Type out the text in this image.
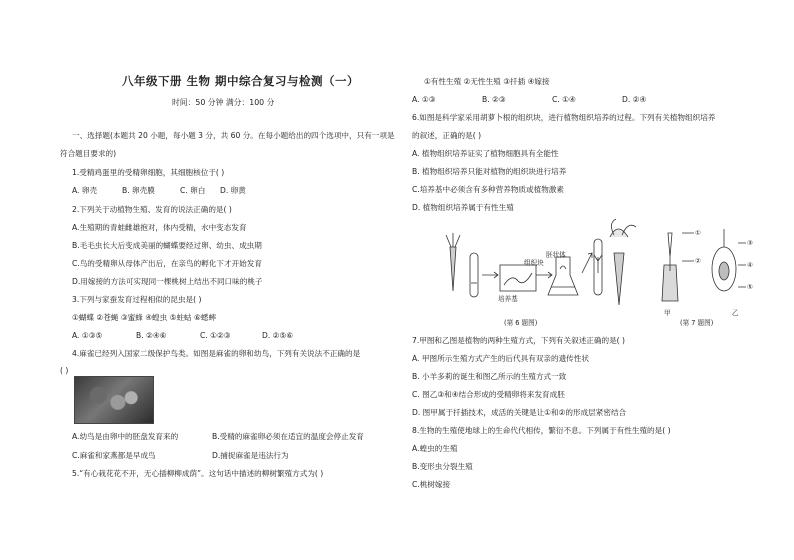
八年级下册 生物 期中综合复习与检测（一）
时间：50 分钟 满分：100 分
一、选择题(本题共 20 小题，每小题 3 分，共 60 分。在每小题给出的四个选项中，只有一项是
符合题目要求的)
1.受精鸡蛋里的受精卵细胞，其细胞核位于( )
A. 卵壳	B. 卵壳膜	C. 卵白 D. 卵黄
2.下列关于动植物生殖、发育的说法正确的是( )
A.生殖期的青蛙雌雄抱对，体内受精，水中变态发育
B.毛毛虫长大后变成美丽的蝴蝶要经过卵、幼虫、成虫期
C.鸟的受精卵从母体产出后，在亲鸟的孵化下才开始发育
D.用嫁接的方法可实现同一棵桃树上结出不同口味的桃子
3.下列与家蚕发育过程相似的昆虫是( )
①蝴蝶 ②苍蝇 ③蜜蜂 ④蝗虫 ⑤蛀蛄 ⑥蟋蟀
A. ①③⑤	B. ②④⑥	C. ①②③	D. ②⑤⑥
4.麻雀已经列入国家二级保护鸟类。如图是麻雀的卵和幼鸟，下列有关说法不正确的是
( )
A.幼鸟是由卵中的胚盘发育来的	B.受精的麻雀卵必须在适宜的温度会停止发育
C.麻雀和家燕都是早成鸟	D.捕捉麻雀是违法行为
5.“有心栽花花不开，无心插柳柳成荫”。这句话中描述的柳树繁殖方式为( )
①有性生殖 ②无性生殖 ③扦插 ④嫁接
A. ①③	B. ②③	C. ①④	D. ②④
6.如图是科学家采用胡萝卜根的组织块，进行植物组织培养的过程。下列有关植物组织培养
的叙述，正确的是( )
A. 植物组织培养证实了植物细胞具有全能性
B. 植物组织培养只能对植物的组织块进行培养
C.培养基中必须含有多种营养物质或植物激素
D. 植物组织培养属于有性生殖
组织块
培养基
胚状体
①
②
③
④
⑤
(第 6 题图)	(第 7 题图)
甲	乙
7.甲图和乙图是植物的两种生殖方式，下列有关叙述正确的是( )
A. 甲图所示生殖方式产生的后代具有双亲的遗传性状
B. 小羊多莉的诞生和图乙所示的生殖方式一致
C. 图乙③和④结合形成的受精卵将来发育成胚
D. 图甲属于扦插技术，成活的关键是让①和②的形成层紧密结合
8.生物的生殖使地球上的生命代代相传，繁衍不息。下列属于有性生殖的是( )
A.蝗虫的生殖
B.变形虫分裂生殖
C.桃树嫁接
